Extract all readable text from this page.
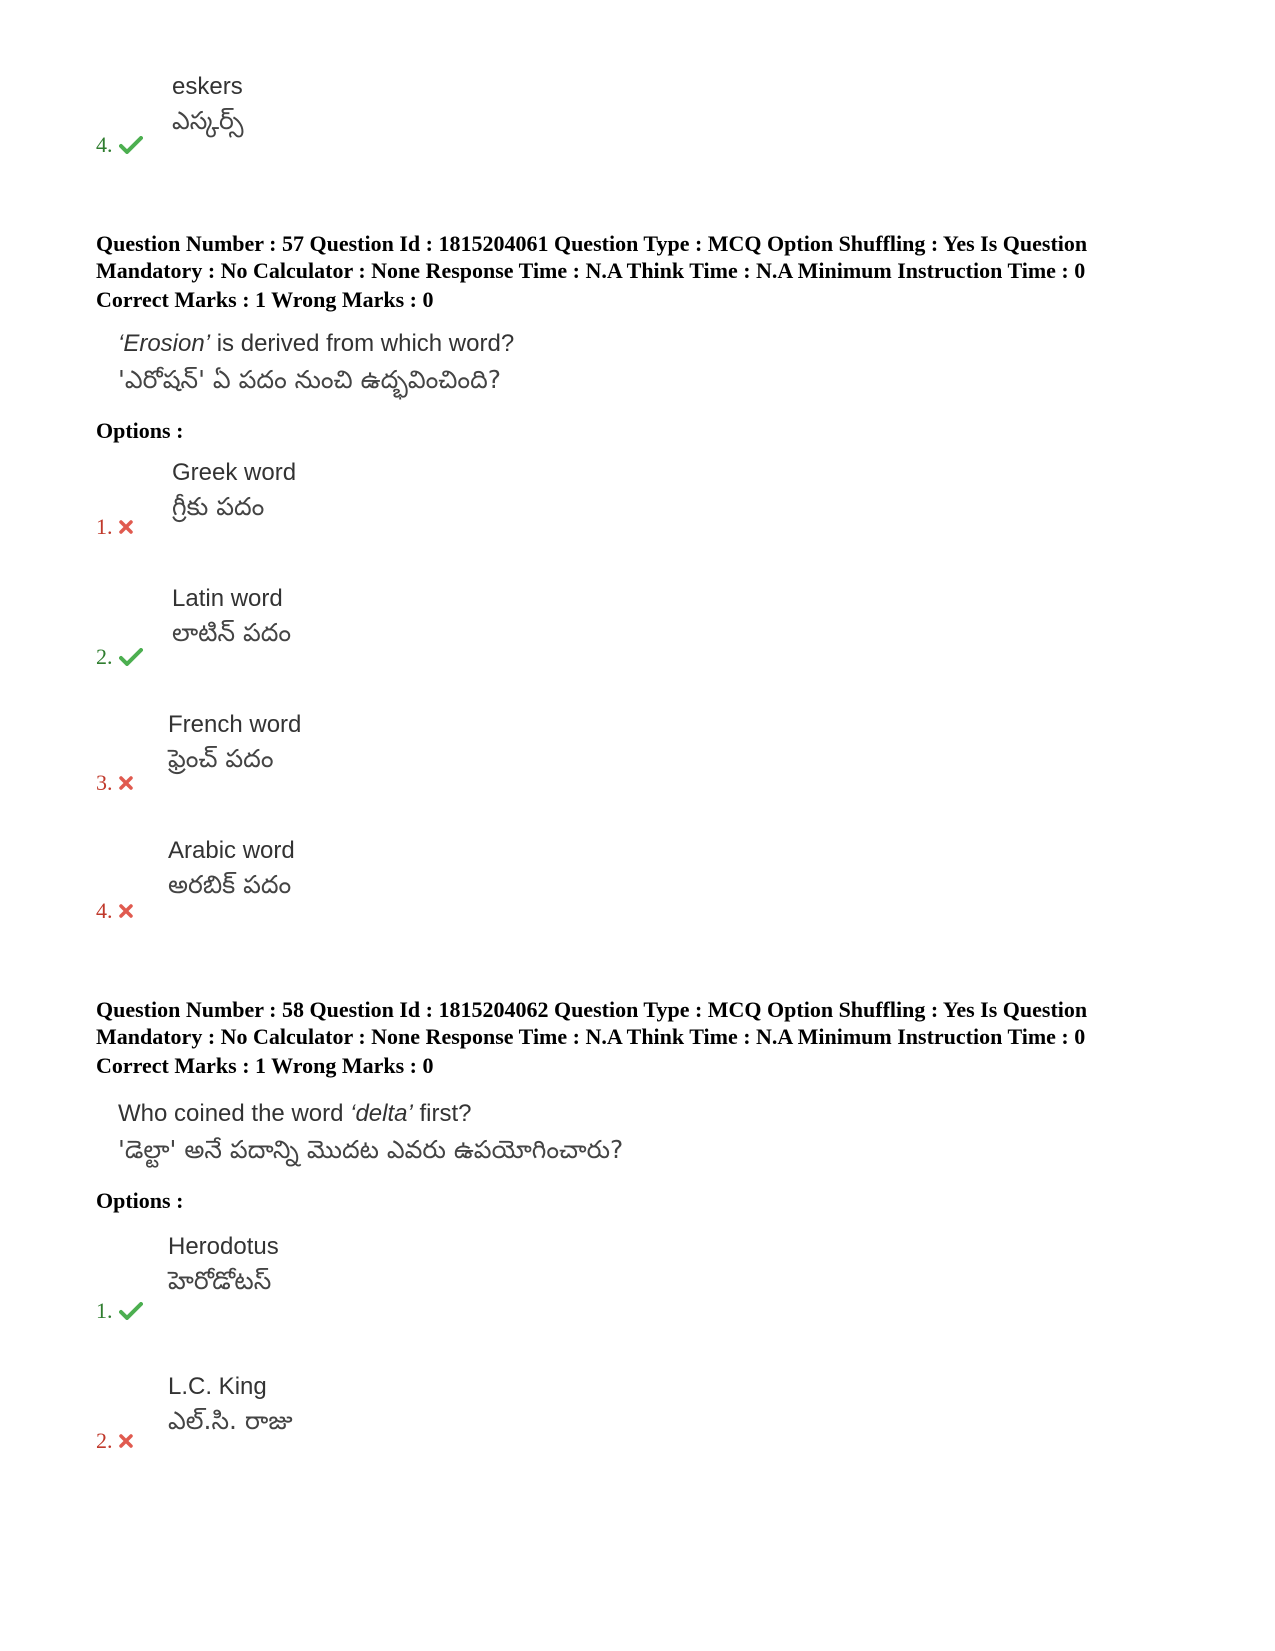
eskers
ఎస్కర్స్
4.

Question Number : 57 Question Id : 1815204061 Question Type : MCQ Option Shuffling : Yes Is Question
Mandatory : No Calculator : None Response Time : N.A Think Time : N.A Minimum Instruction Time : 0

Correct Marks : 1 Wrong Marks : 0

‘Erosion’ is derived from which word?
'ఎరోషన్' ఏ పదం నుంచి ఉద్భవించింది?
Options :
Greek word
గ్రీకు పదం
1.
Latin word
లాటిన్ పదం
2.
French word
ఫ్రెంచ్ పదం
3.
Arabic word
అరబిక్ పదం
4.

Question Number : 58 Question Id : 1815204062 Question Type : MCQ Option Shuffling : Yes Is Question
Mandatory : No Calculator : None Response Time : N.A Think Time : N.A Minimum Instruction Time : 0

Correct Marks : 1 Wrong Marks : 0

Who coined the word ‘delta’ first?
'డెల్టా' అనే పదాన్ని మొదట ఎవరు ఉపయోగించారు?
Options :
Herodotus
హెరోడోటస్
1.
L.C. King
ఎల్.సి. రాజు
2.
